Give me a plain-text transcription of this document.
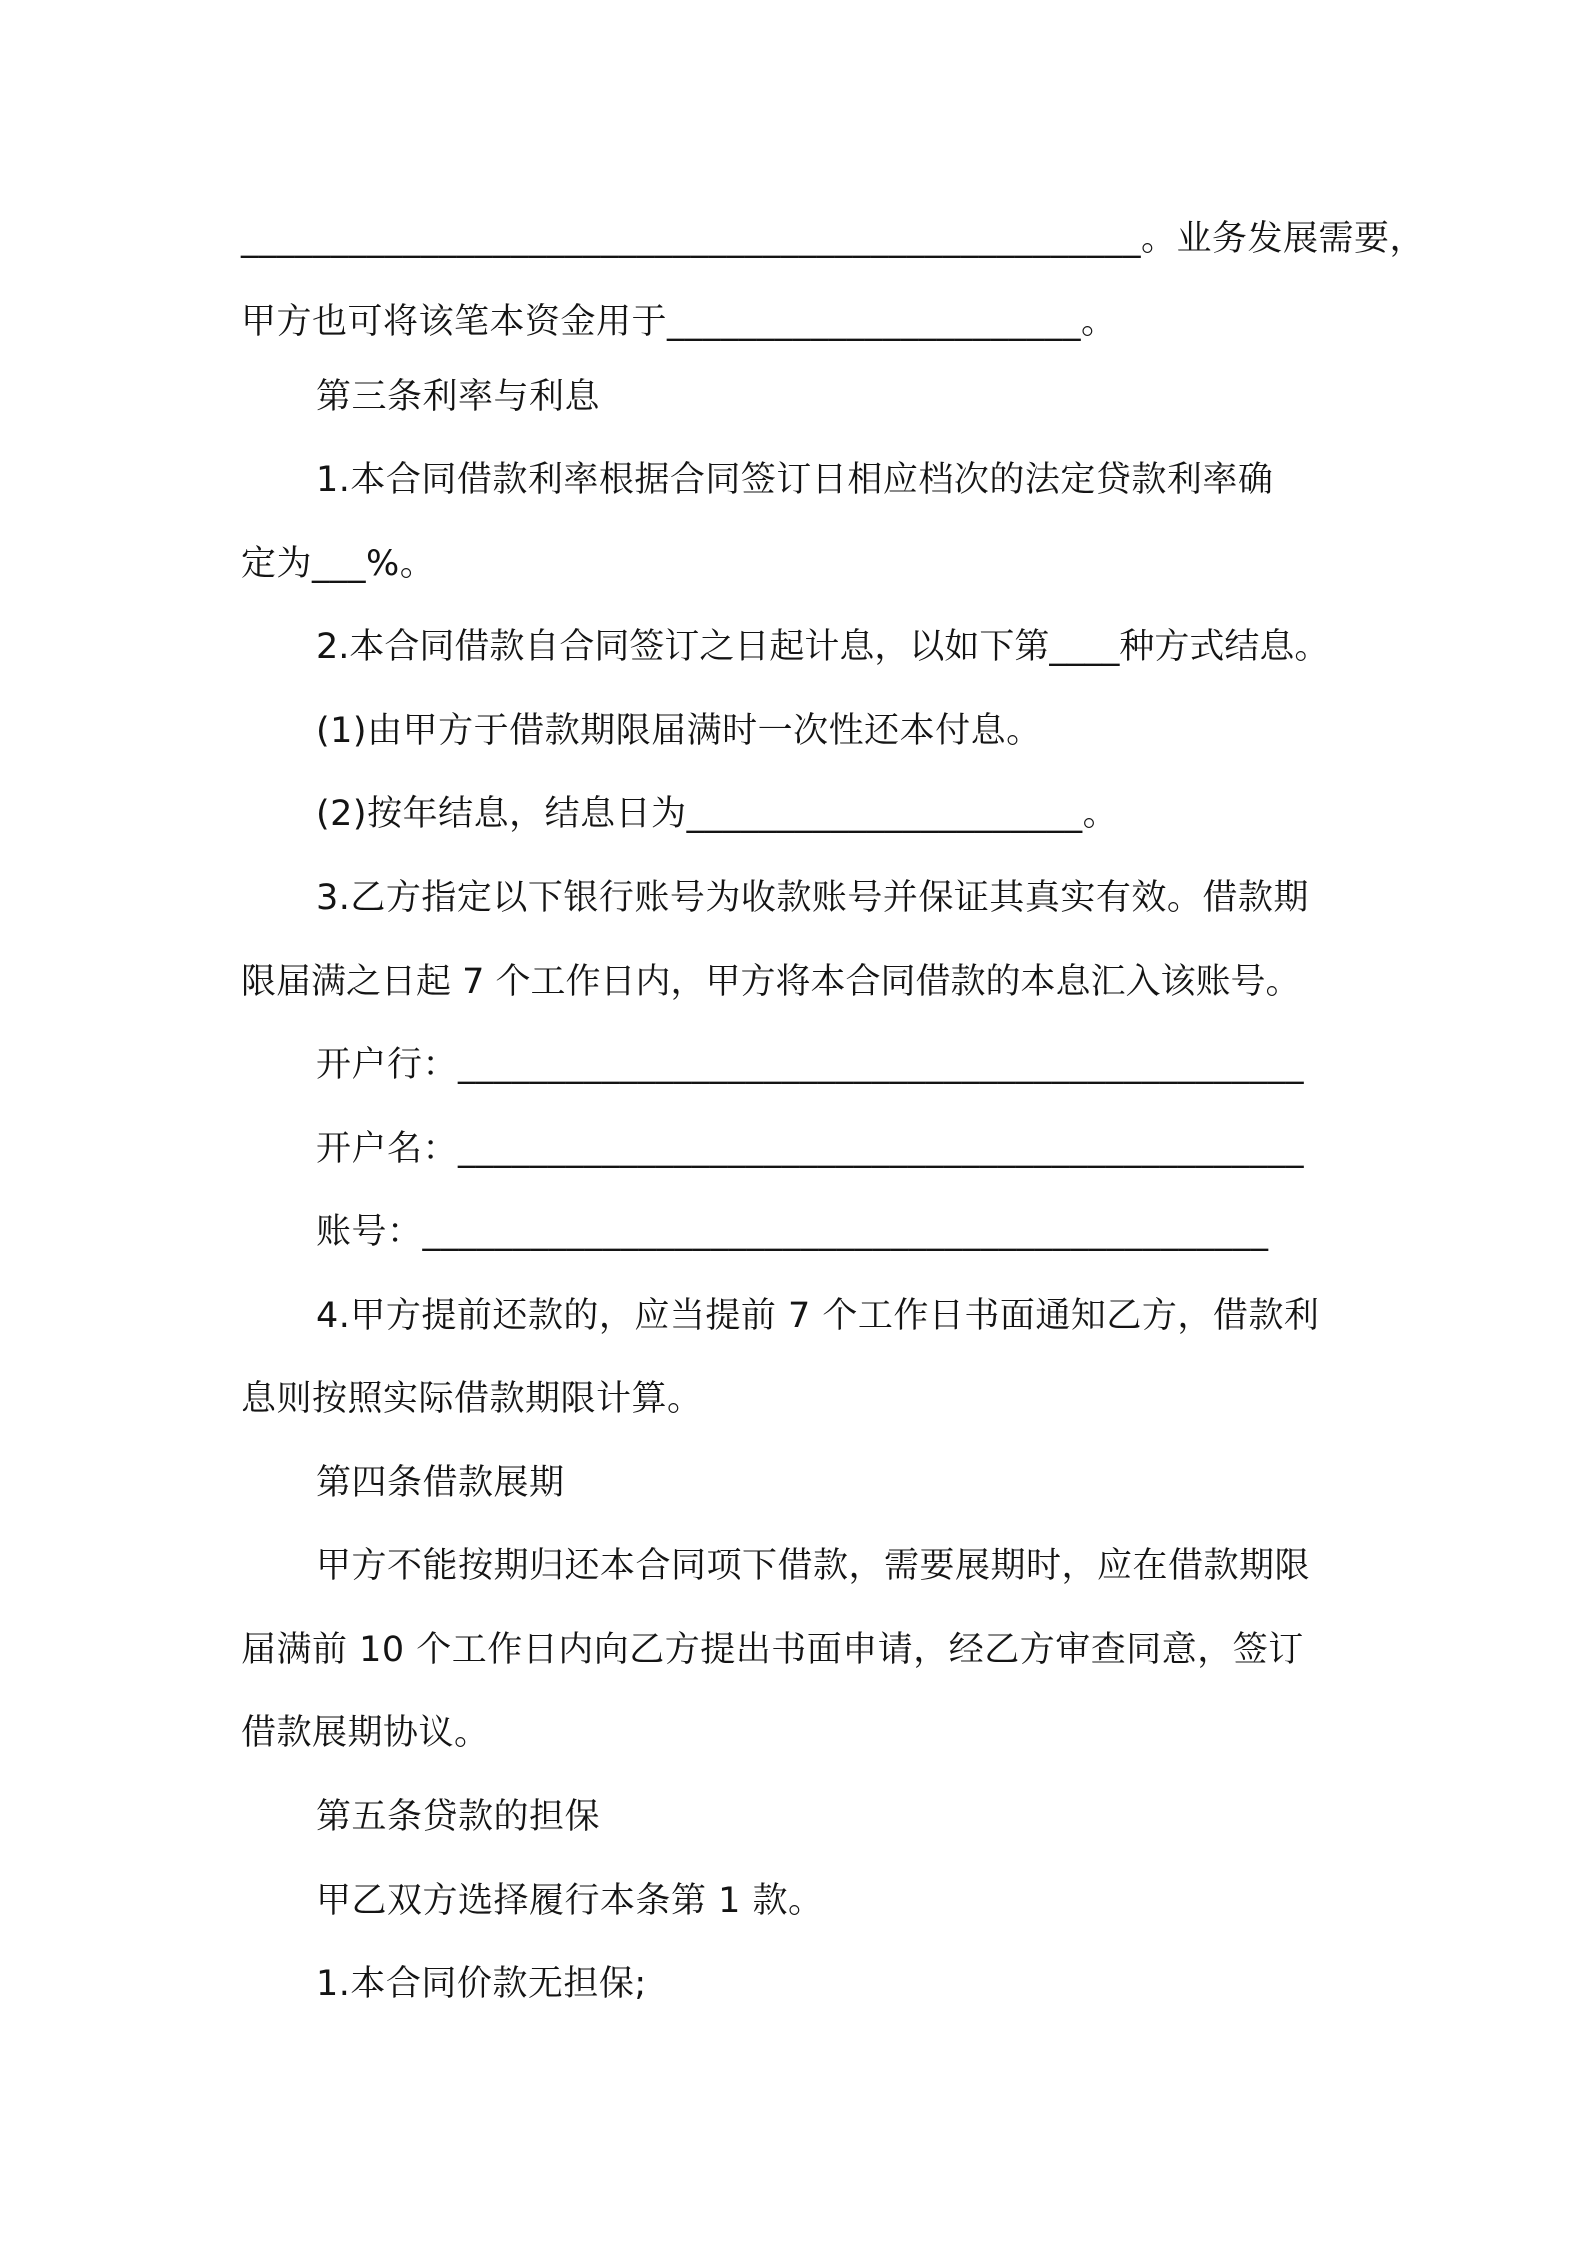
__________________________________________________。业务发展需要，
甲方也可将该笔本资金用于_______________________。
第三条利率与利息
1.本合同借款利率根据合同签订日相应档次的法定贷款利率确
定为___%。
2.本合同借款自合同签订之日起计息，以如下第____种方式结息。
(1)由甲方于借款期限届满时一次性还本付息。
(2)按年结息，结息日为______________________。
3.乙方指定以下银行账号为收款账号并保证其真实有效。借款期
限届满之日起 7 个工作日内，甲方将本合同借款的本息汇入该账号。
开户行：_______________________________________________
开户名：_______________________________________________
账号：_______________________________________________
4.甲方提前还款的，应当提前 7 个工作日书面通知乙方，借款利
息则按照实际借款期限计算。
第四条借款展期
甲方不能按期归还本合同项下借款，需要展期时，应在借款期限
届满前 10 个工作日内向乙方提出书面申请，经乙方审查同意，签订
借款展期协议。
第五条贷款的担保
甲乙双方选择履行本条第 1 款。
1.本合同价款无担保;
